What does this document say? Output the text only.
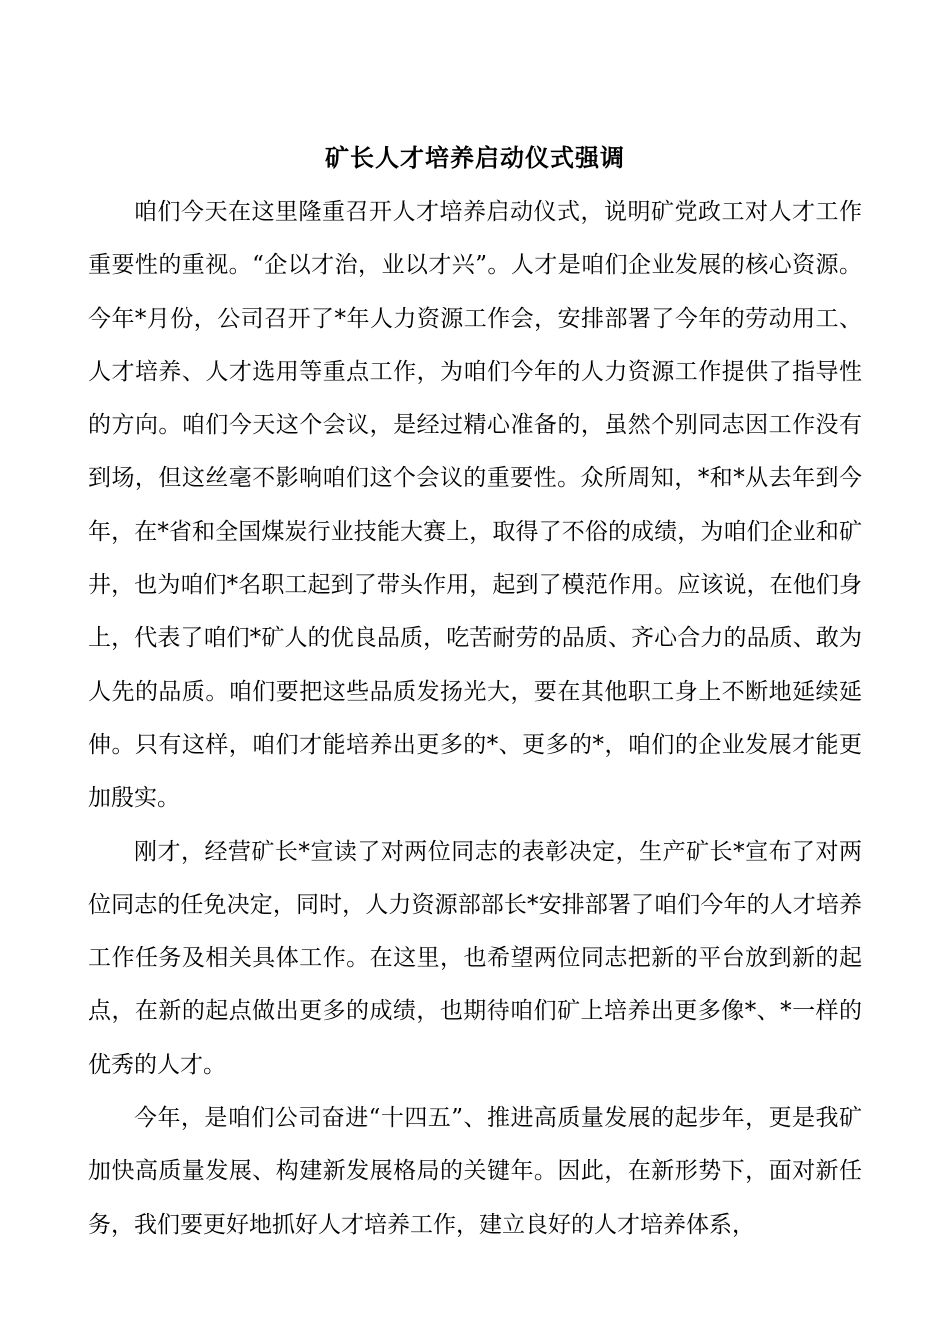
矿长人才培养启动仪式强调

咱们今天在这里隆重召开人才培养启动仪式，说明矿党政工对人才工作重要性的重视。“企以才治，业以才兴”。人才是咱们企业发展的核心资源。今年*月份，公司召开了*年人力资源工作会，安排部署了今年的劳动用工、人才培养、人才选用等重点工作，为咱们今年的人力资源工作提供了指导性的方向。咱们今天这个会议，是经过精心准备的，虽然个别同志因工作没有到场，但这丝毫不影响咱们这个会议的重要性。众所周知，*和*从去年到今年，在*省和全国煤炭行业技能大赛上，取得了不俗的成绩，为咱们企业和矿井，也为咱们*名职工起到了带头作用，起到了模范作用。应该说，在他们身上，代表了咱们*矿人的优良品质，吃苦耐劳的品质、齐心合力的品质、敢为人先的品质。咱们要把这些品质发扬光大，要在其他职工身上不断地延续延伸。只有这样，咱们才能培养出更多的*、更多的*，咱们的企业发展才能更加殷实。

刚才，经营矿长*宣读了对两位同志的表彰决定，生产矿长*宣布了对两位同志的任免决定，同时，人力资源部部长*安排部署了咱们今年的人才培养工作任务及相关具体工作。在这里，也希望两位同志把新的平台放到新的起点，在新的起点做出更多的成绩，也期待咱们矿上培养出更多像*、*一样的优秀的人才。

今年，是咱们公司奋进“十四五”、推进高质量发展的起步年，更是我矿加快高质量发展、构建新发展格局的关键年。因此，在新形势下，面对新任务，我们要更好地抓好人才培养工作，建立良好的人才培养体系，
